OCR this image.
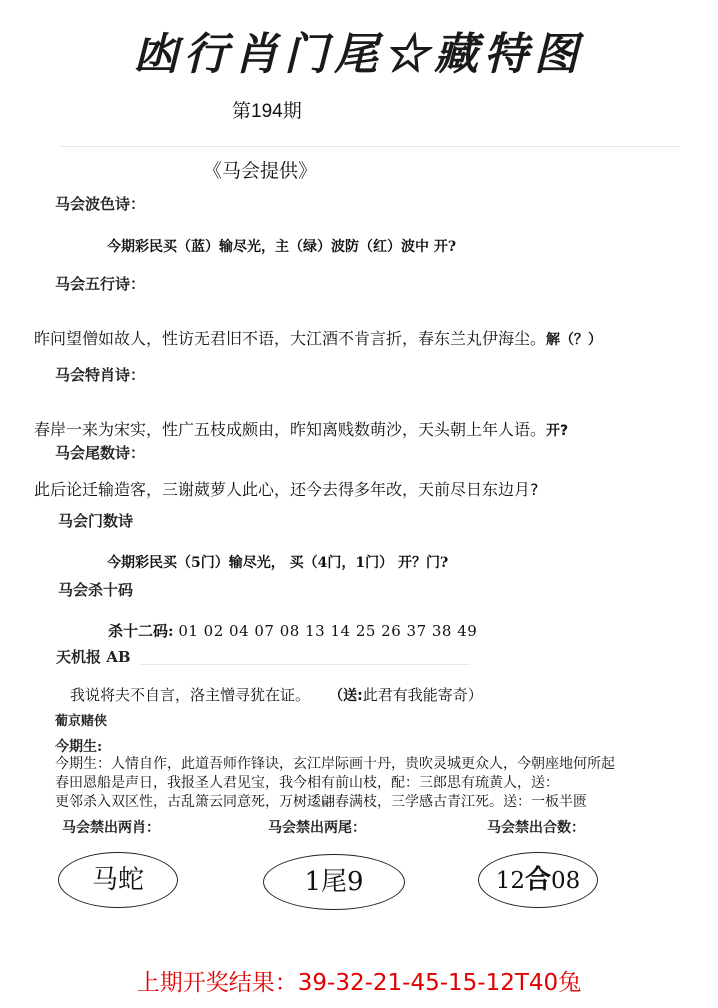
凼行肖门尾☆藏特图
第194期
《马会提供》
马会波色诗：
今期彩民买（蓝）输尽光，主（绿）波防（红）波中 开?
马会五行诗：
昨问望僧如故人，性访无君旧不语，大江酒不肯言折，春东兰丸伊海尘。解（？）
马会特肖诗：
春岸一来为宋实，性广五枝成颇由，昨知离贱数萌沙，天头朝上年人语。开?
马会尾数诗：
此后论迁输造客，三谢葳萝人此心，还今去得多年改，天前尽日东边月?
马会门数诗
今期彩民买（5门）输尽光， 买（4门，1门） 开？门?
马会杀十码
杀十二码: 01 02 04 07 08 13 14 25 26 37 38 49
天机报 AB
我说将夫不自言，洛主憎寻犹在证。 （送:此君有我能寄奇）
葡京赌侠
今期生:
今期生：人情自作，此道吾师作锋诀，玄江岸际画十丹，贵吹灵城更众人，今朝座地何所起
春田恩船是声日，我报圣人君见宝，我今相有前山枝，配：三郎思有琉黄人，送：
更邻杀入双区性，古乱箫云同意死，万树逶翩春满枝，三学感古青江死。送：一板半匮
马会禁出两肖：	马会禁出两尾：	马会禁出合数：
马蛇	1尾9	12合08
上期开奖结果：39-32-21-45-15-12T40兔
